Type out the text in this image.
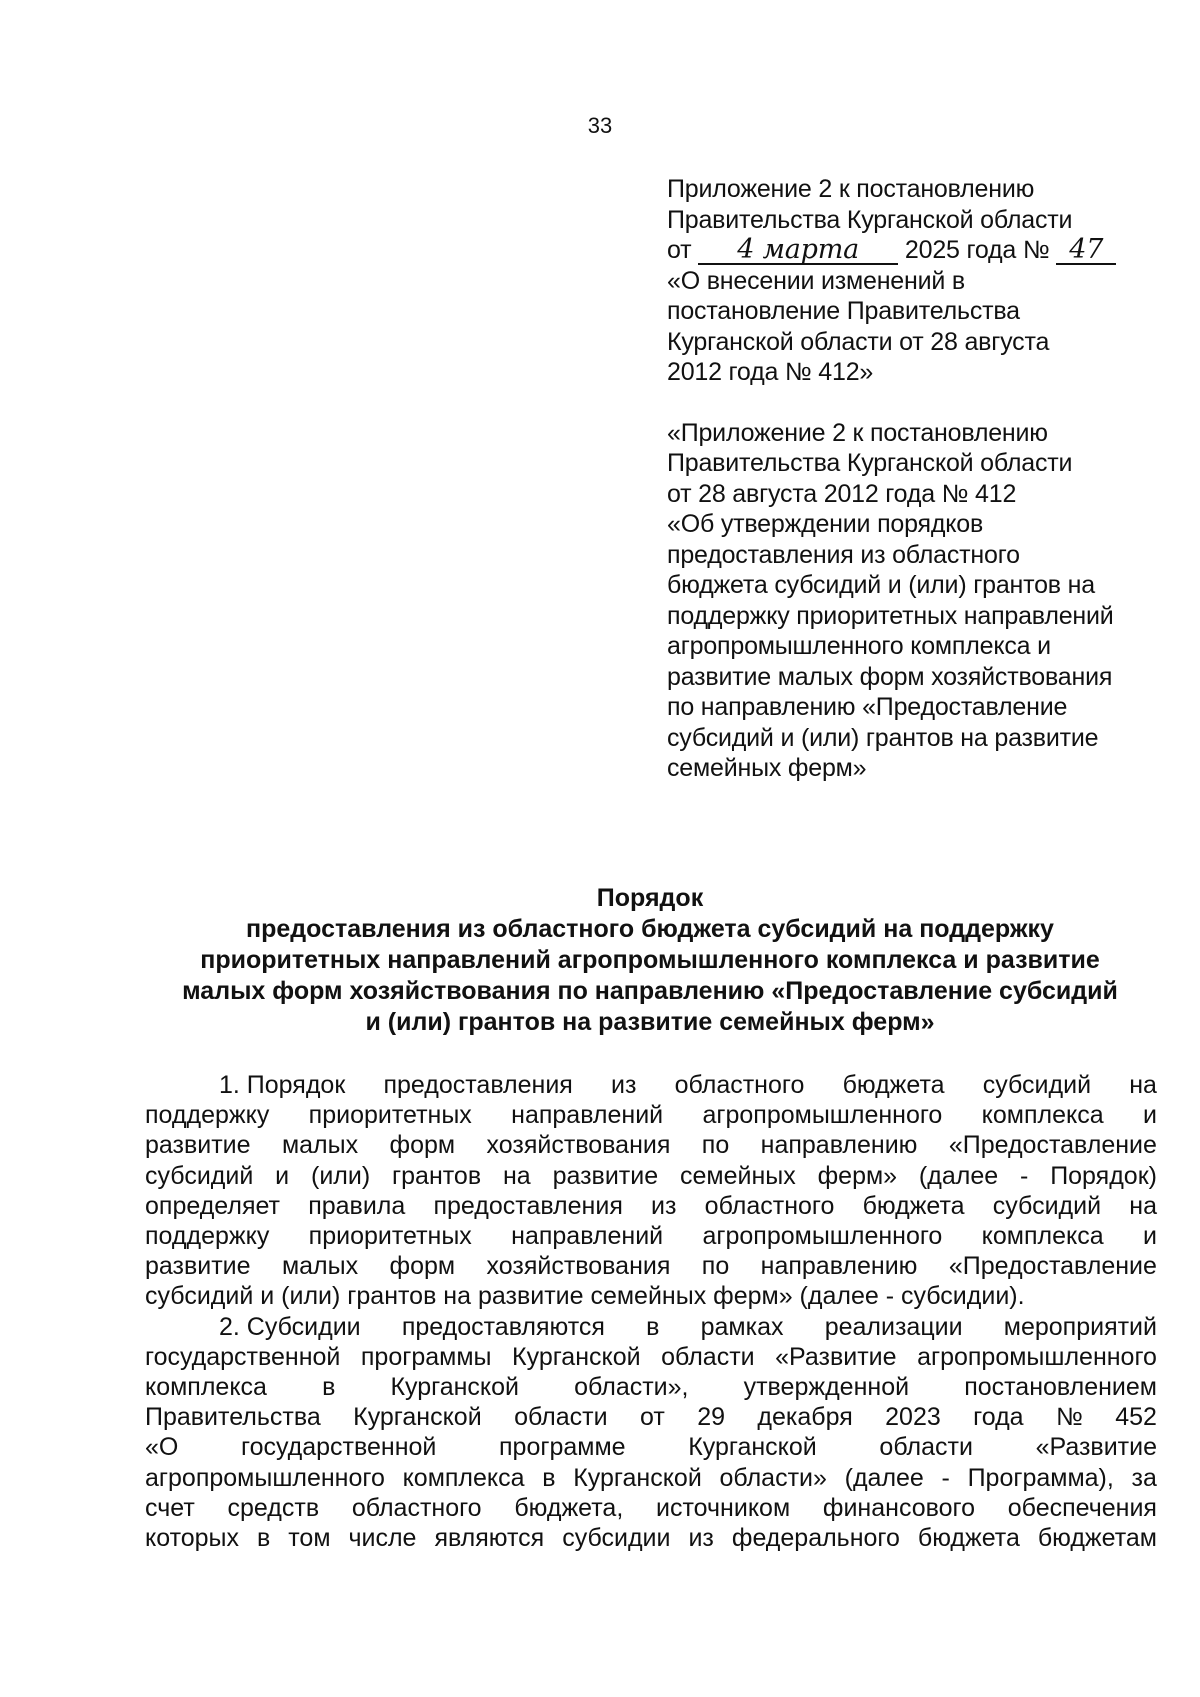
33

Приложение 2 к постановлению

Правительства Курганской области

от 4 марта 2025 года № 47

«О внесении изменений в

постановление Правительства

Курганской области от 28 августа

2012 года № 412»

«Приложение 2 к постановлению

Правительства Курганской области

от 28 августа 2012 года № 412

«Об утверждении порядков

предоставления из областного

бюджета субсидий и (или) грантов на

поддержку приоритетных направлений

агропромышленного комплекса и

развитие малых форм хозяйствования

по направлению «Предоставление

субсидий и (или) грантов на развитие

семейных ферм»

Порядок

предоставления из областного бюджета субсидий на поддержку

приоритетных направлений агропромышленного комплекса и развитие

малых форм хозяйствования по направлению «Предоставление субсидий

и (или) грантов на развитие семейных ферм»

1. Порядок предоставления из областного бюджета субсидий на
поддержку приоритетных направлений агропромышленного комплекса и
развитие малых форм хозяйствования по направлению «Предоставление
субсидий и (или) грантов на развитие семейных ферм» (далее - Порядок)
определяет правила предоставления из областного бюджета субсидий на
поддержку приоритетных направлений агропромышленного комплекса и
развитие малых форм хозяйствования по направлению «Предоставление
субсидий и (или) грантов на развитие семейных ферм» (далее - субсидии).
2. Субсидии предоставляются в рамках реализации мероприятий
государственной программы Курганской области «Развитие агропромышленного
комплекса в Курганской области», утвержденной постановлением
Правительства Курганской области от 29 декабря 2023 года № 452
«О	государственной	программе	Курганской	области	«Развитие
агропромышленного комплекса в Курганской области» (далее - Программа), за
счет средств областного бюджета, источником финансового обеспечения
которых в том числе являются субсидии из федерального бюджета бюджетам
